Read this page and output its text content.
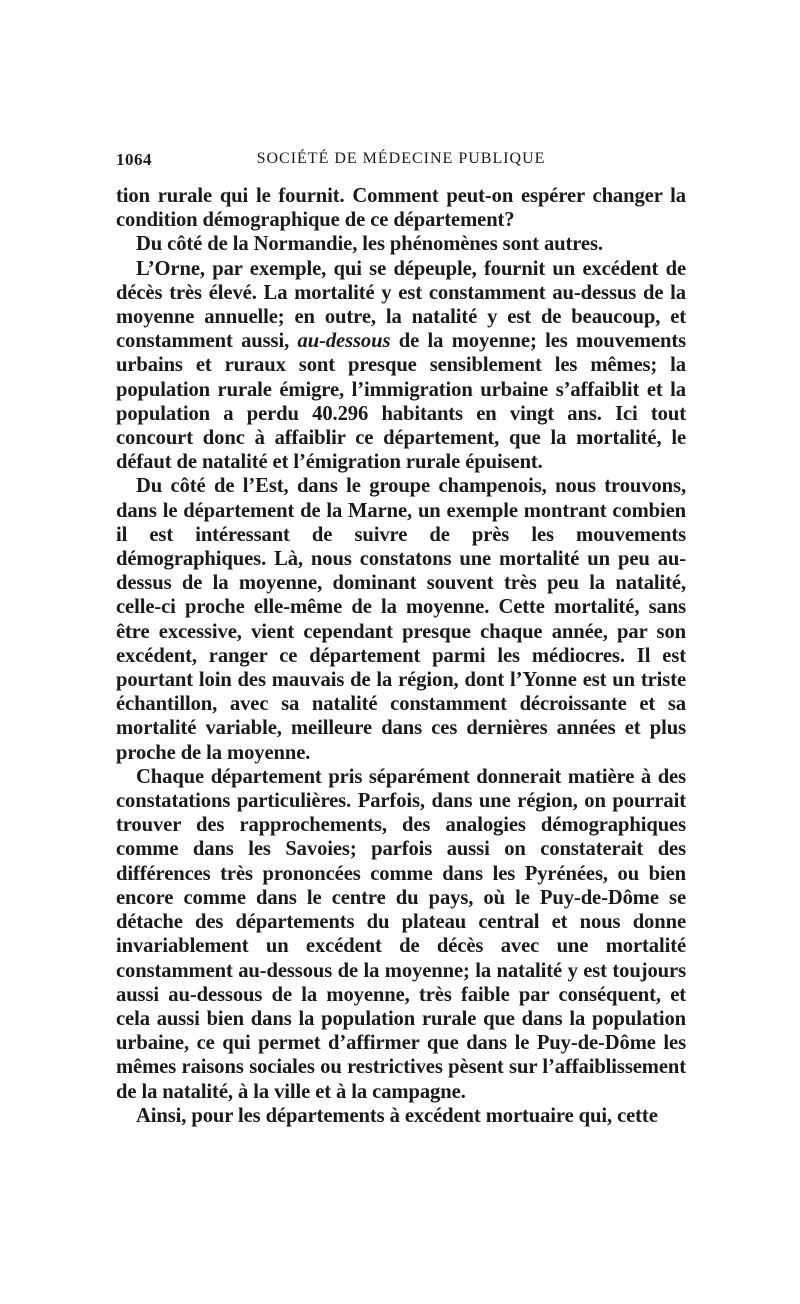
1064	SOCIÉTÉ DE MÉDECINE PUBLIQUE

tion rurale qui le fournit. Comment peut-on espérer changer la condition démographique de ce département?

Du côté de la Normandie, les phénomènes sont autres.

L’Orne, par exemple, qui se dépeuple, fournit un excédent de décès très élevé. La mortalité y est constamment au-dessus de la moyenne annuelle; en outre, la natalité y est de beaucoup, et constamment aussi, au-dessous de la moyenne; les mouvements urbains et ruraux sont presque sensiblement les mêmes; la population rurale émigre, l’immigration urbaine s’affaiblit et la population a perdu 40.296 habitants en vingt ans. Ici tout concourt donc à affaiblir ce département, que la mortalité, le défaut de natalité et l’émigration rurale épuisent.

Du côté de l’Est, dans le groupe champenois, nous trouvons, dans le département de la Marne, un exemple montrant combien il est intéressant de suivre de près les mouvements démographiques. Là, nous constatons une mortalité un peu au-dessus de la moyenne, dominant souvent très peu la natalité, celle-ci proche elle-même de la moyenne. Cette mortalité, sans être excessive, vient cependant presque chaque année, par son excédent, ranger ce département parmi les médiocres. Il est pourtant loin des mauvais de la région, dont l’Yonne est un triste échantillon, avec sa natalité constamment décroissante et sa mortalité variable, meilleure dans ces dernières années et plus proche de la moyenne.

Chaque département pris séparément donnerait matière à des constatations particulières. Parfois, dans une région, on pourrait trouver des rapprochements, des analogies démographiques comme dans les Savoies; parfois aussi on constaterait des différences très prononcées comme dans les Pyrénées, ou bien encore comme dans le centre du pays, où le Puy-de-Dôme se détache des départements du plateau central et nous donne invariablement un excédent de décès avec une mortalité constamment au-dessous de la moyenne; la natalité y est toujours aussi au-dessous de la moyenne, très faible par conséquent, et cela aussi bien dans la population rurale que dans la population urbaine, ce qui permet d’affirmer que dans le Puy-de-Dôme les mêmes raisons sociales ou restrictives pèsent sur l’affaiblissement de la natalité, à la ville et à la campagne.

Ainsi, pour les départements à excédent mortuaire qui, cette
